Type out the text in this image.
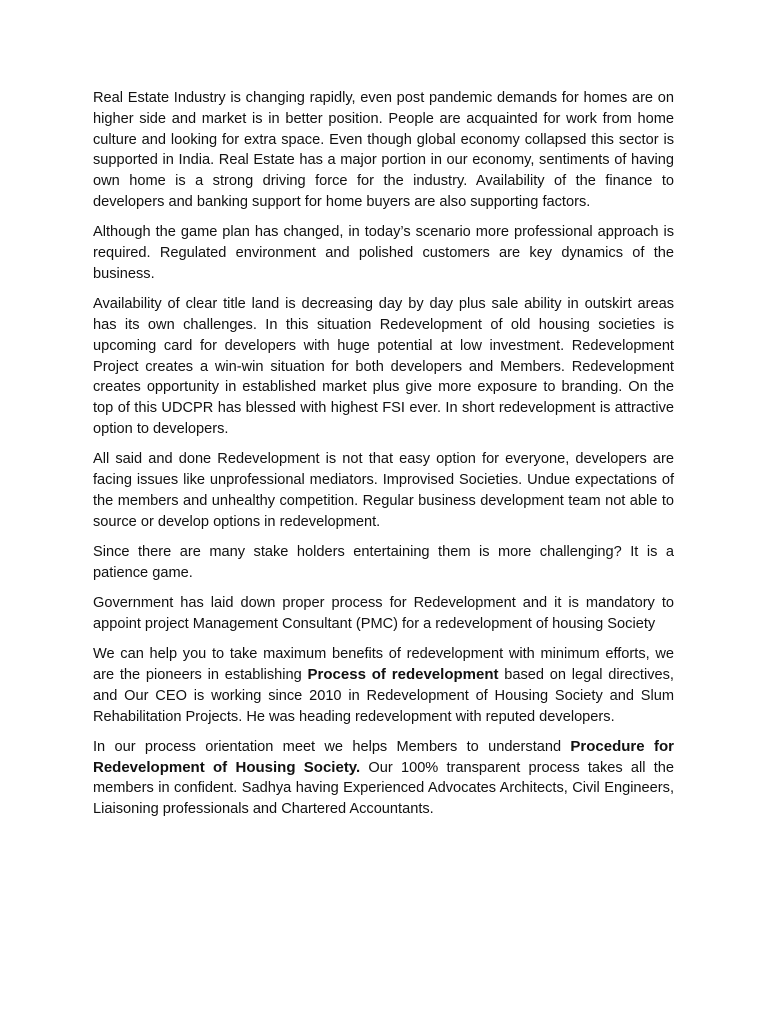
Real Estate Industry is changing rapidly, even post pandemic demands for homes are on higher side and market is in better position. People are acquainted for work from home culture and looking for extra space. Even though global economy collapsed this sector is supported in India. Real Estate has a major portion in our economy, sentiments of having own home is a strong driving force for the industry. Availability of the finance to developers and banking support for home buyers are also supporting factors.

Although the game plan has changed, in today’s scenario more professional approach is required. Regulated environment and polished customers are key dynamics of the business.

Availability of clear title land is decreasing day by day plus sale ability in outskirt areas has its own challenges. In this situation Redevelopment of old housing societies is upcoming card for developers with huge potential at low investment. Redevelopment Project creates a win-win situation for both developers and Members. Redevelopment creates opportunity in established market plus give more exposure to branding. On the top of this UDCPR has blessed with highest FSI ever. In short redevelopment is attractive option to developers.

All said and done Redevelopment is not that easy option for everyone, developers are facing issues like unprofessional mediators. Improvised Societies. Undue expectations of the members and unhealthy competition. Regular business development team not able to source or develop options in redevelopment.

Since there are many stake holders entertaining them is more challenging? It is a patience game.

Government has laid down proper process for Redevelopment and it is mandatory to appoint project Management Consultant (PMC) for a redevelopment of housing Society

We can help you to take maximum benefits of redevelopment with minimum efforts, we are the pioneers in establishing Process of redevelopment based on legal directives, and Our CEO is working since 2010 in Redevelopment of Housing Society and Slum Rehabilitation Projects. He was heading redevelopment with reputed developers.

In our process orientation meet we helps Members to understand Procedure for Redevelopment of Housing Society. Our 100% transparent process takes all the members in confident. Sadhya having Experienced Advocates Architects, Civil Engineers, Liaisoning professionals and Chartered Accountants.
